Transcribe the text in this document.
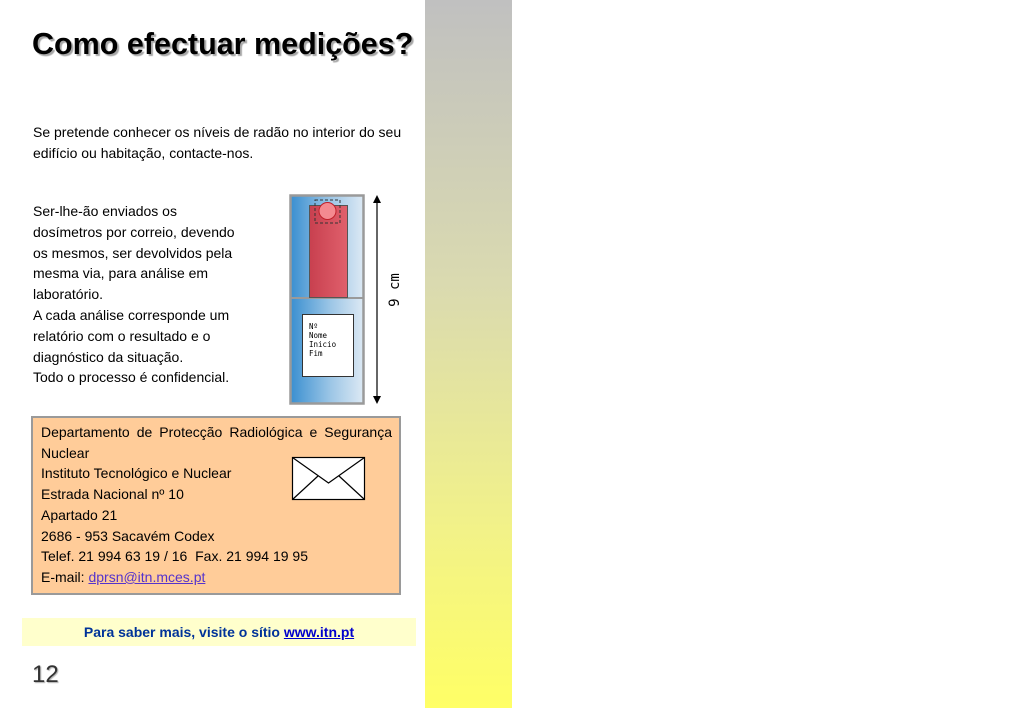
Como efectuar medições?
Se pretende conhecer os níveis de radão no interior do seu
edifício ou habitação, contacte-nos.
Ser-lhe-ão enviados os
dosímetros por correio, devendo
os mesmos, ser devolvidos pela
mesma via, para análise em
laboratório.
A cada análise corresponde um
relatório com o resultado e o
diagnóstico da situação.
Todo o processo é confidencial.
Nº
Nome
Inicio
Fim
9 cm
Departamento de Protecção Radiológica e Segurança
Nuclear
Instituto Tecnológico e Nuclear
Estrada Nacional nº 10
Apartado 21
2686 - 953 Sacavém Codex
Telef. 21 994 63 19 / 16  Fax. 21 994 19 95
E-mail: dprsn@itn.mces.pt
Para saber mais, visite o sítio www.itn.pt
12
